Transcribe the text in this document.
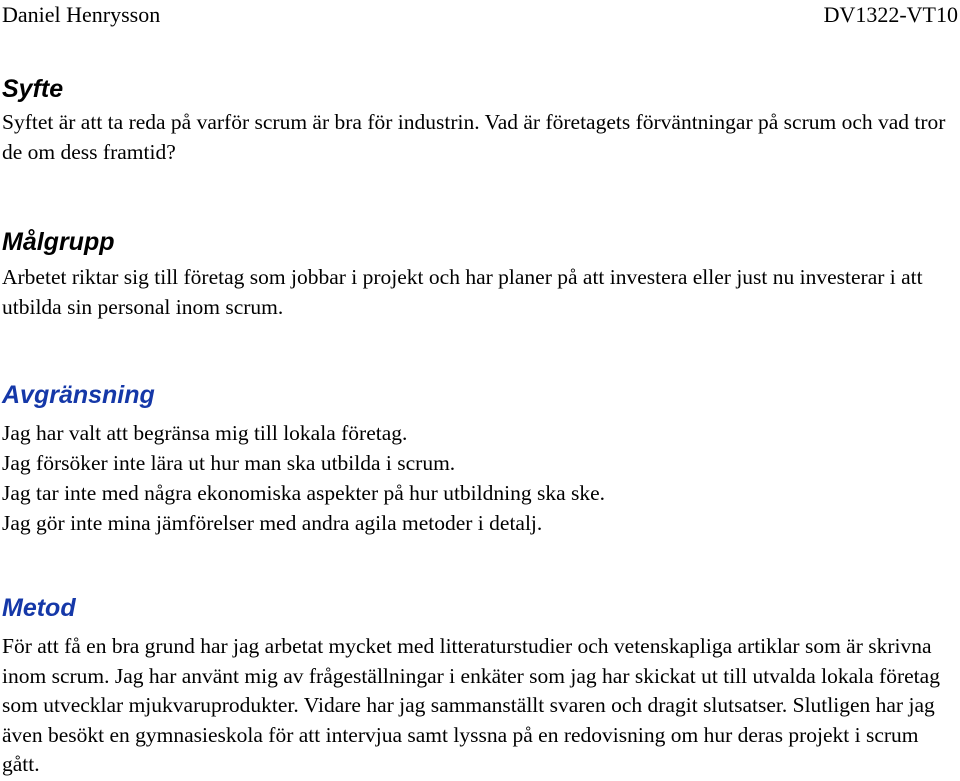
Daniel Henrysson	DV1322-VT10
Syfte

Syftet är att ta reda på varför scrum är bra för industrin. Vad är företagets förväntningar på scrum och vad tror de om dess framtid?

Målgrupp

Arbetet riktar sig till företag som jobbar i projekt och har planer på att investera eller just nu investerar i att utbilda sin personal inom scrum.

Avgränsning

Jag har valt att begränsa mig till lokala företag.

Jag försöker inte lära ut hur man ska utbilda i scrum.

Jag tar inte med några ekonomiska aspekter på hur utbildning ska ske.

Jag gör inte mina jämförelser med andra agila metoder i detalj.

Metod

För att få en bra grund har jag arbetat mycket med litteraturstudier och vetenskapliga artiklar som är skrivna inom scrum. Jag har använt mig av frågeställningar i enkäter som jag har skickat ut till utvalda lokala företag som utvecklar mjukvaruprodukter. Vidare har jag sammanställt svaren och dragit slutsatser. Slutligen har jag även besökt en gymnasieskola för att intervjua samt lyssna på en redovisning om hur deras projekt i scrum gått.
